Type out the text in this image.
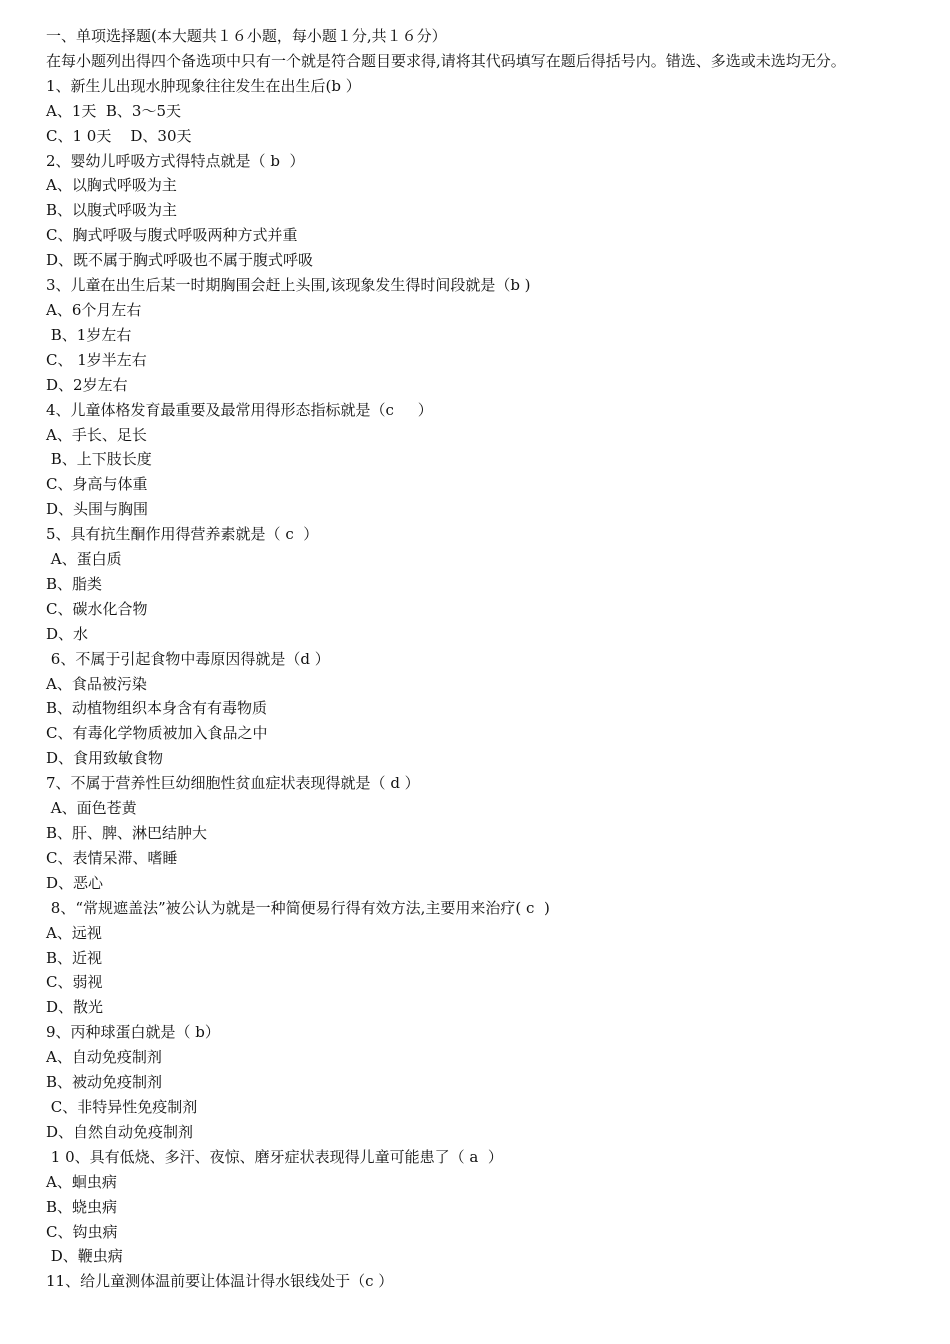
一、单项选择题(本大题共１６小题，每小题１分,共１６分）
在每小题列出得四个备选项中只有一个就是符合题目要求得,请将其代码填写在题后得括号内。错选、多选或未选均无分。
1、新生儿出现水肿现象往往发生在出生后(b ）
A、1天  B、3～5天
C、1 0天    D、30天
2、婴幼儿呼吸方式得特点就是（ b  ）
A、以胸式呼吸为主
B、以腹式呼吸为主
C、胸式呼吸与腹式呼吸两种方式并重
D、既不属于胸式呼吸也不属于腹式呼吸
3、儿童在出生后某一时期胸围会赶上头围,该现象发生得时间段就是（b )
A、6个月左右
B、1岁左右
C、 1岁半左右
D、2岁左右
4、儿童体格发育最重要及最常用得形态指标就是（c     ）
A、手长、足长
B、上下肢长度
C、身高与体重
D、头围与胸围
5、具有抗生酮作用得营养素就是（ c  ）
A、蛋白质
B、脂类
C、碳水化合物
D、水
6、不属于引起食物中毒原因得就是（d ）
A、食品被污染
B、动植物组织本身含有有毒物质
C、有毒化学物质被加入食品之中
D、食用致敏食物
7、不属于营养性巨幼细胞性贫血症状表现得就是（ d ）
A、面色苍黄
B、肝、脾、淋巴结肿大
C、表情呆滞、嗜睡
D、恶心
8、“常规遮盖法”被公认为就是一种简便易行得有效方法,主要用来治疗( c  )
A、远视
B、近视
C、弱视
D、散光
9、丙种球蛋白就是（ b）
A、自动免疫制剂
B、被动免疫制剂
C、非特异性免疫制剂
D、自然自动免疫制剂
1 0、具有低烧、多汗、夜惊、磨牙症状表现得儿童可能患了（ a  ）
A、蛔虫病
B、蛲虫病
C、钩虫病
D、鞭虫病
11、给儿童测体温前要让体温计得水银线处于（c ）
